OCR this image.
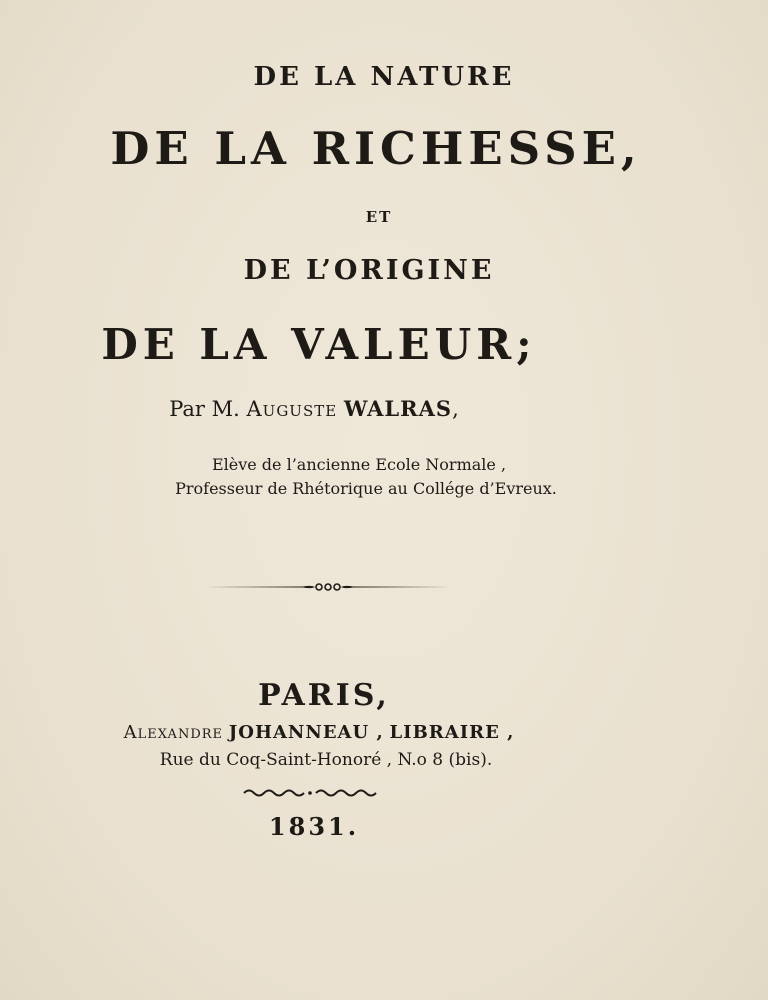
DE LA NATURE
DE LA RICHESSE,
ET
DE L’ORIGINE
DE LA VALEUR;
Par M. Auguste WALRAS,
Elève de l’ancienne Ecole Normale ,
Professeur de Rhétorique au Collége d’Evreux.
PARIS,
Alexandre JOHANNEAU , LIBRAIRE ,
Rue du Coq-Saint-Honoré , N.o 8 (bis).
1831.
